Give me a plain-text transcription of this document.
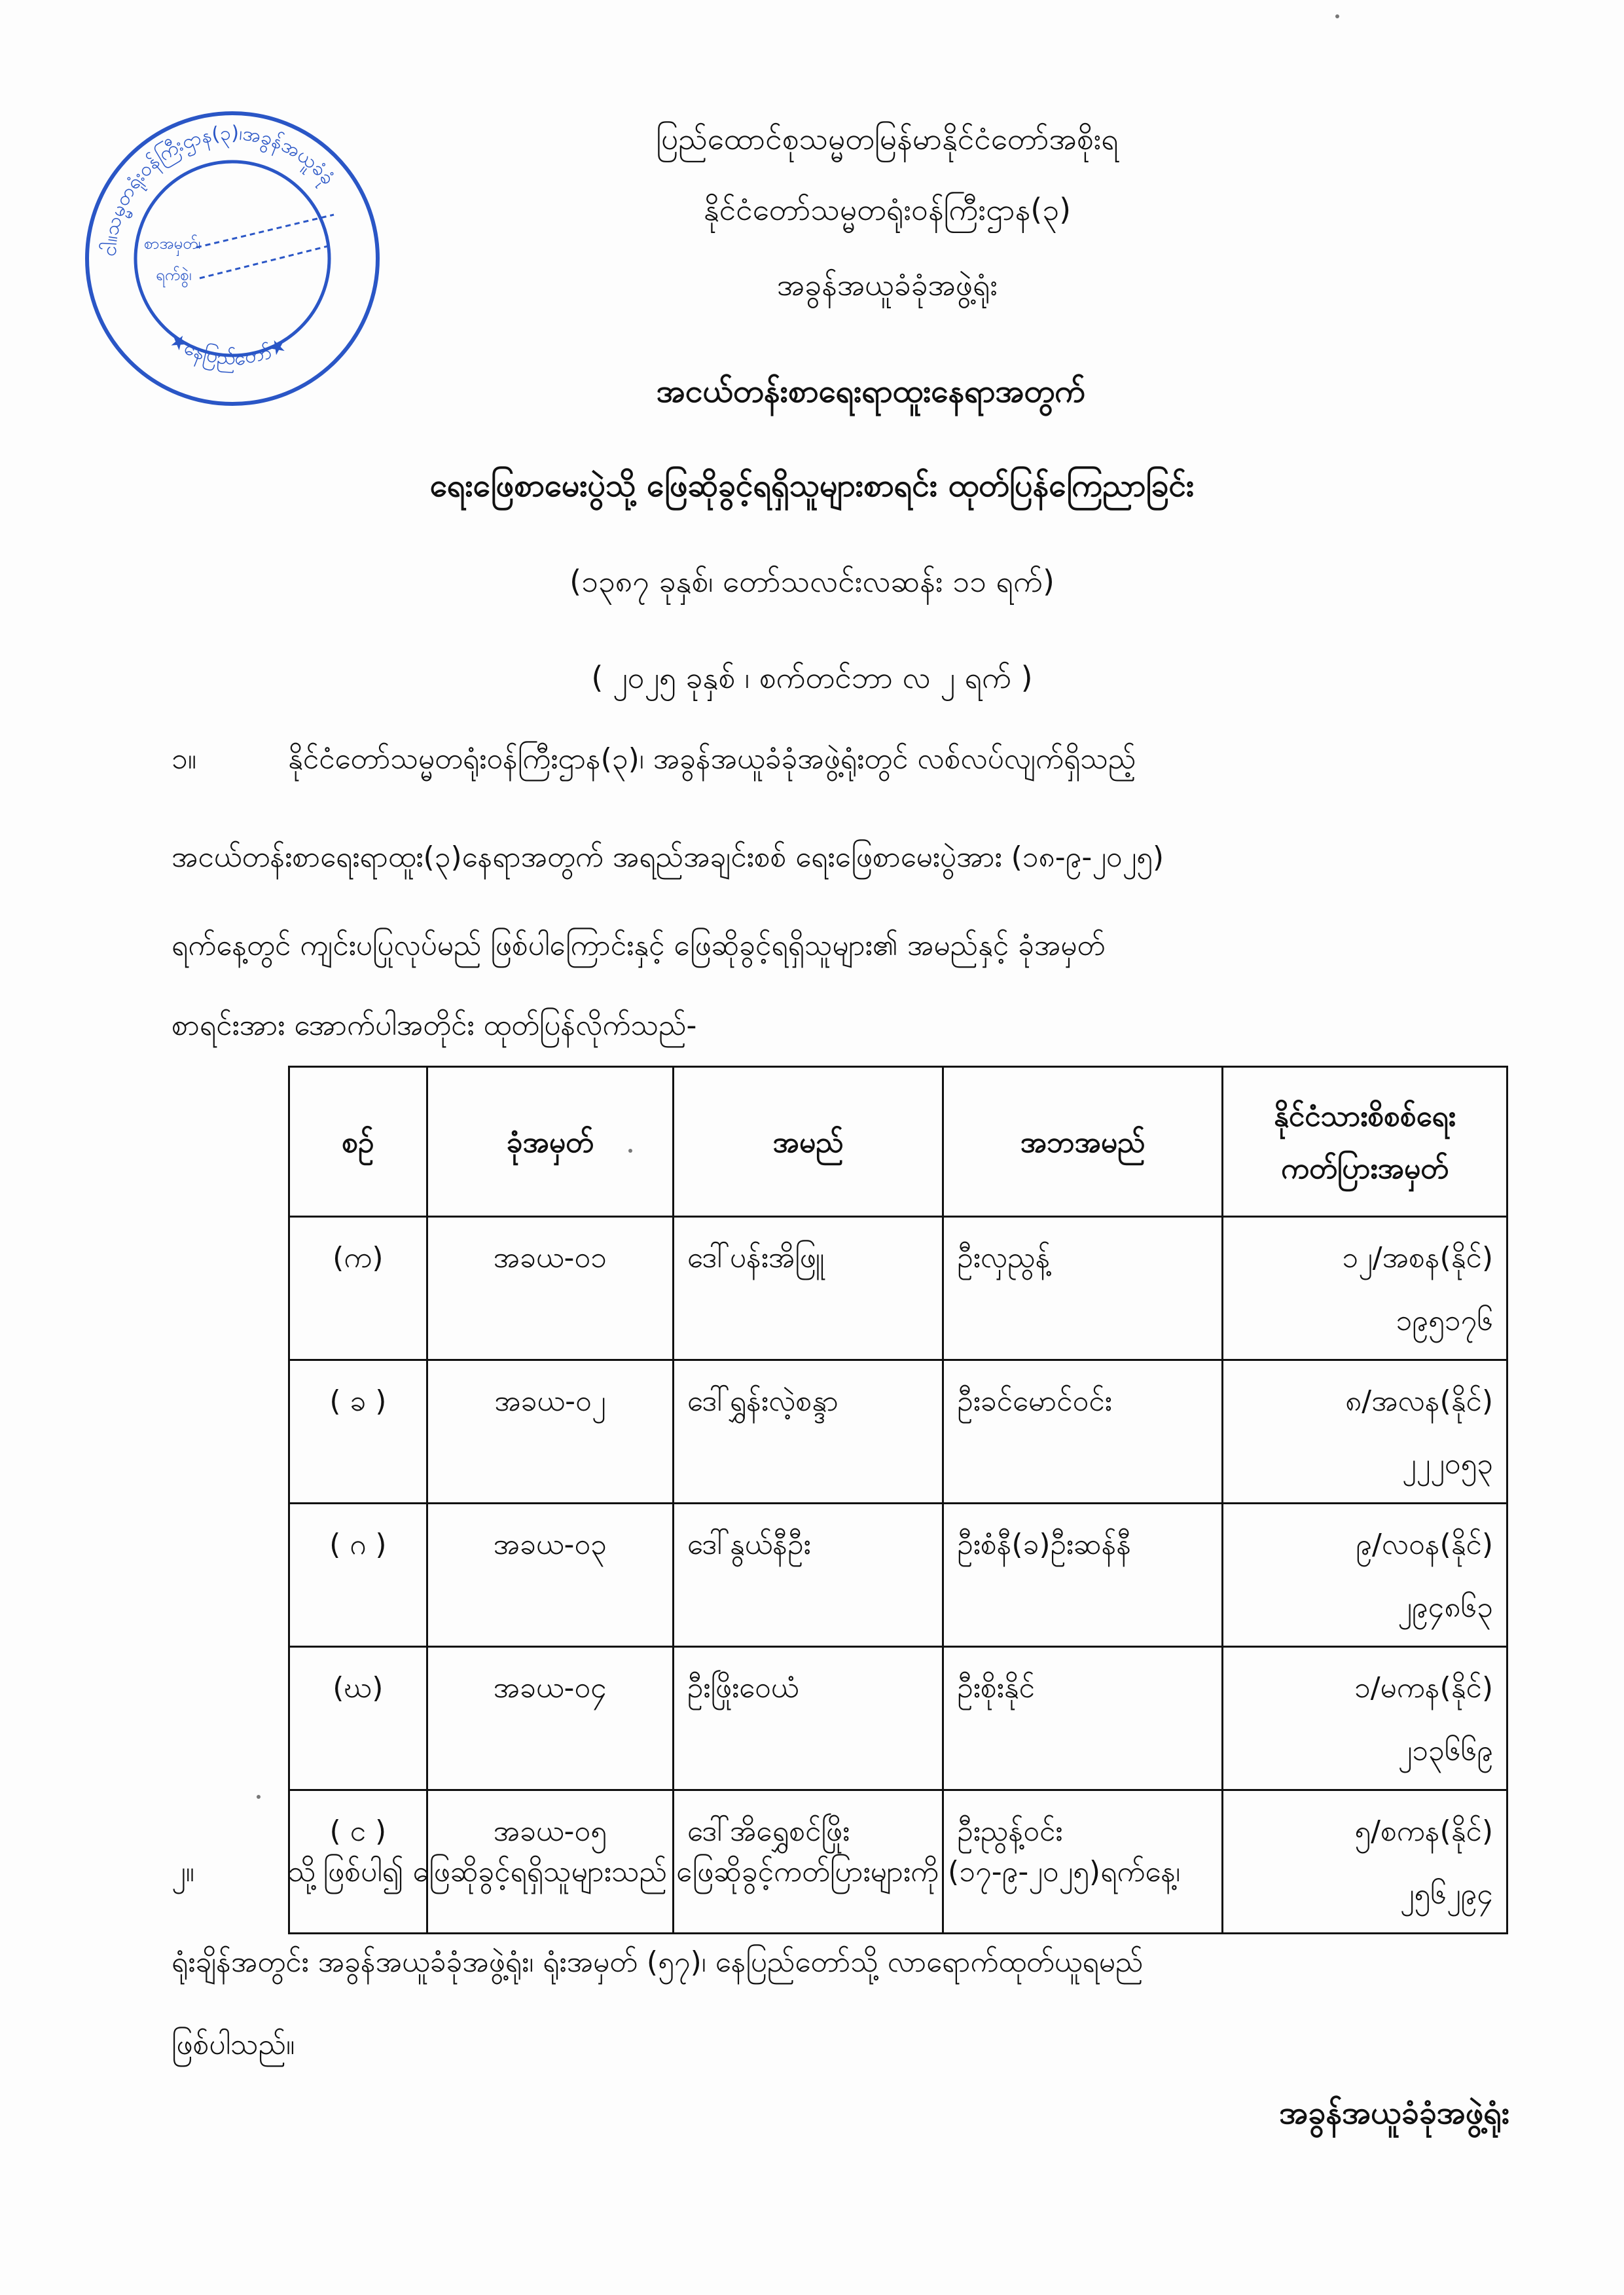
ငါ။သမ္မတရုံးဝန်ကြီးဌာန(၃)၊အခွန်အယူခံခုံ
★နေပြည်တော်★
စာအမှတ်၊
ရက်စွဲ၊
ပြည်ထောင်စုသမ္မတမြန်မာနိုင်ငံတော်အစိုးရ
နိုင်ငံတော်သမ္မတရုံးဝန်ကြီးဌာန(၃)
အခွန်အယူခံခုံအဖွဲ့ရုံး
အငယ်တန်းစာရေးရာထူးနေရာအတွက်
ရေးဖြေစာမေးပွဲသို့ ဖြေဆိုခွင့်ရရှိသူများစာရင်း ထုတ်ပြန်ကြေညာခြင်း
(၁၃၈၇ ခုနှစ်၊ တော်သလင်းလဆန်း ၁၁ ရက်)
( ၂၀၂၅ ခုနှစ် ၊ စက်တင်ဘာ လ ၂ ရက် )
၁။	နိုင်ငံတော်သမ္မတရုံးဝန်ကြီးဌာန(၃)၊ အခွန်အယူခံခုံအဖွဲ့ရုံးတွင် လစ်လပ်လျက်ရှိသည့်
အငယ်တန်းစာရေးရာထူး(၃)နေရာအတွက် အရည်အချင်းစစ် ရေးဖြေစာမေးပွဲအား (၁၈-၉-၂၀၂၅)
ရက်နေ့တွင် ကျင်းပပြုလုပ်မည် ဖြစ်ပါကြောင်းနှင့် ဖြေဆိုခွင့်ရရှိသူများ၏ အမည်နှင့် ခုံအမှတ်
စာရင်းအား အောက်ပါအတိုင်း ထုတ်ပြန်လိုက်သည်-
စဉ်	ခုံအမှတ်	အမည်	အဘအမည်	နိုင်ငံသားစိစစ်ရေး
ကတ်ပြားအမှတ်

(က)	အခယ-၀၁	ဒေါ်ပန်းအိဖြူ	ဦးလှညွန့်	၁၂/အစန(နိုင်)
၁၉၅၁၇၆

( ခ )	အခယ-၀၂	ဒေါ်ရွှန်းလဲ့စန္ဒာ	ဦးခင်မောင်ဝင်း	၈/အလန(နိုင်)
၂၂၂၀၅၃

( ဂ )	အခယ-၀၃	ဒေါ်နွယ်နီဦး	ဦးစံနီ(ခ)ဦးဆန်နီ	၉/လဝန(နိုင်)
၂၉၄၈၆၃

(ဃ)	အခယ-၀၄	ဦးဖြိုးဝေယံ	ဦးစိုးနိုင်	၁/မကန(နိုင်)
၂၁၃၆၆၉

( င )	အခယ-၀၅	ဒေါ်အိရွှေစင်ဖြိုး	ဦးညွန့်ဝင်း	၅/စကန(နိုင်)
၂၅၆၂၉၄
၂။	သို့ဖြစ်ပါ၍ ဖြေဆိုခွင့်ရရှိသူများသည် ဖြေဆိုခွင့်ကတ်ပြားများကို (၁၇-၉-၂၀၂၅)ရက်နေ့၊
ရုံးချိန်အတွင်း အခွန်အယူခံခုံအဖွဲ့ရုံး၊ ရုံးအမှတ် (၅၇)၊ နေပြည်တော်သို့ လာရောက်ထုတ်ယူရမည်
ဖြစ်ပါသည်။
အခွန်အယူခံခုံအဖွဲ့ရုံး
